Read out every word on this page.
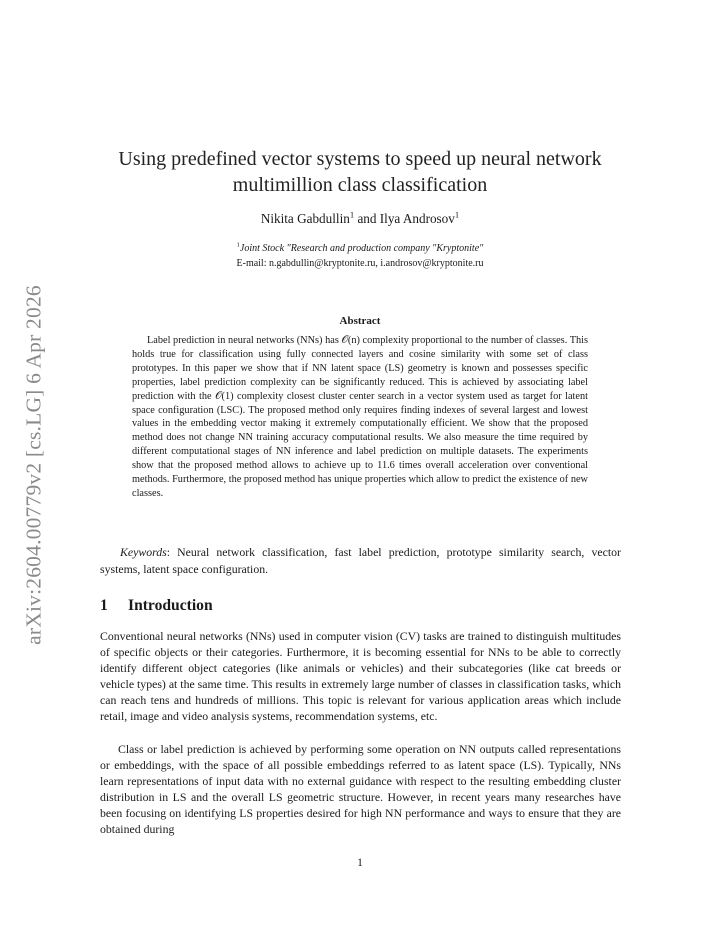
arXiv:2604.00779v2 [cs.LG] 6 Apr 2026
Using predefined vector systems to speed up neural network
multimillion class classification
Nikita Gabdullin$^1$ and Ilya Androsov$^1$
$^1$Joint Stock "Research and production company "Kryptonite"
E-mail: n.gabdullin@kryptonite.ru, i.androsov@kryptonite.ru
Abstract

Label prediction in neural networks (NNs) has 𝒪(n) complexity proportional to the number of classes. This holds true for classification using fully connected layers and cosine similarity with some set of class prototypes. In this paper we show that if NN latent space (LS) geometry is known and possesses specific properties, label prediction complexity can be significantly reduced. This is achieved by associating label prediction with the 𝒪(1) complexity closest cluster center search in a vector system used as target for latent space configuration (LSC). The proposed method only requires finding indexes of several largest and lowest values in the embedding vector making it extremely computationally efficient. We show that the proposed method does not change NN training accuracy computational results. We also measure the time required by different computational stages of NN inference and label prediction on multiple datasets. The experiments show that the proposed method allows to achieve up to 11.6 times overall acceleration over conventional methods. Furthermore, the proposed method has unique properties which allow to predict the existence of new classes.

Keywords: Neural network classification, fast label prediction, prototype similarity search, vector systems, latent space configuration.

1 Introduction

Conventional neural networks (NNs) used in computer vision (CV) tasks are trained to distinguish multitudes of specific objects or their categories. Furthermore, it is becoming essential for NNs to be able to correctly identify different object categories (like animals or vehicles) and their subcategories (like cat breeds or vehicle types) at the same time. This results in extremely large number of classes in classification tasks, which can reach tens and hundreds of millions. This topic is relevant for various application areas which include retail, image and video analysis systems, recommendation systems, etc.

Class or label prediction is achieved by performing some operation on NN outputs called representations or embeddings, with the space of all possible embeddings referred to as latent space (LS). Typically, NNs learn representations of input data with no external guidance with respect to the resulting embedding cluster distribution in LS and the overall LS geometric structure. However, in recent years many researches have been focusing on identifying LS properties desired for high NN performance and ways to ensure that they are obtained during

1
